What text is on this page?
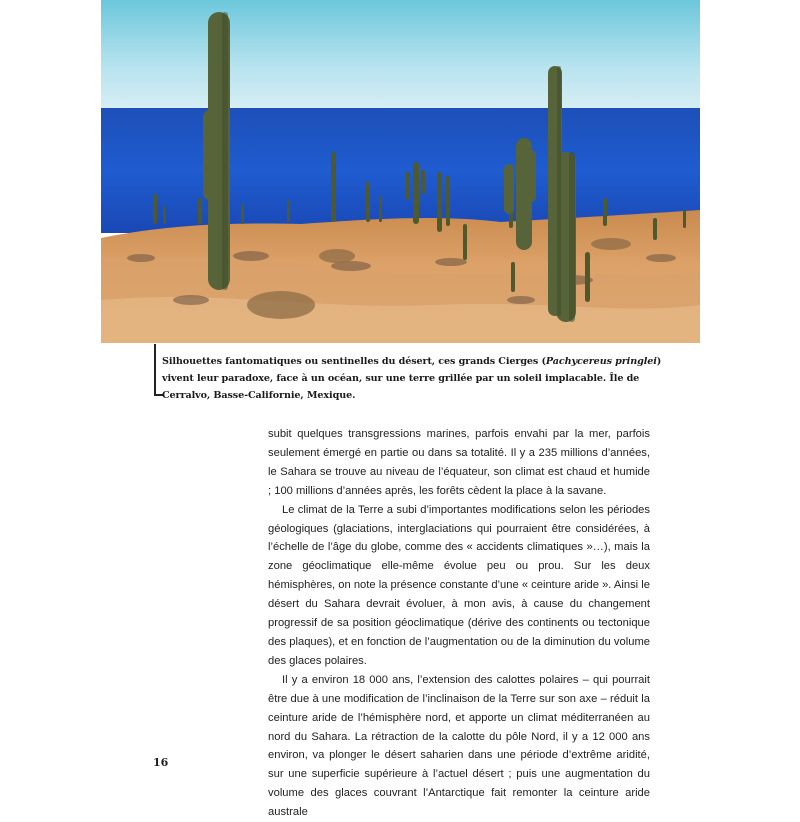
Silhouettes fantomatiques ou sentinelles du désert, ces grands Cierges (Pachycereus pringlei) vivent leur paradoxe, face à un océan, sur une terre grillée par un soleil implacable. Île de Cerralvo, Basse-Californie, Mexique.

subit quelques transgressions marines, parfois envahi par la mer, parfois seulement émergé en partie ou dans sa totalité. Il y a 235 millions d’années, le Sahara se trouve au niveau de l’équateur, son climat est chaud et humide ; 100 millions d’années après, les forêts cèdent la place à la savane.

Le climat de la Terre a subi d’importantes modifications selon les périodes géologiques (glaciations, interglaciations qui pourraient être considérées, à l’échelle de l’âge du globe, comme des « accidents climatiques »…), mais la zone géoclimatique elle-même évolue peu ou prou. Sur les deux hémisphères, on note la présence constante d’une « ceinture aride ». Ainsi le désert du Sahara devrait évoluer, à mon avis, à cause du changement progressif de sa position géoclimatique (dérive des continents ou tectonique des plaques), et en fonction de l’augmentation ou de la diminution du volume des glaces polaires.

Il y a environ 18 000 ans, l’extension des calottes polaires – qui pourrait être due à une modification de l’inclinaison de la Terre sur son axe – réduit la ceinture aride de l’hémisphère nord, et apporte un climat méditerranéen au nord du Sahara. La rétraction de la calotte du pôle Nord, il y a 12 000 ans environ, va plonger le désert saharien dans une période d’extrême aridité, sur une superficie supérieure à l’actuel désert ; puis une augmentation du volume des glaces couvrant l’Antarctique fait remonter la ceinture aride australe

16
